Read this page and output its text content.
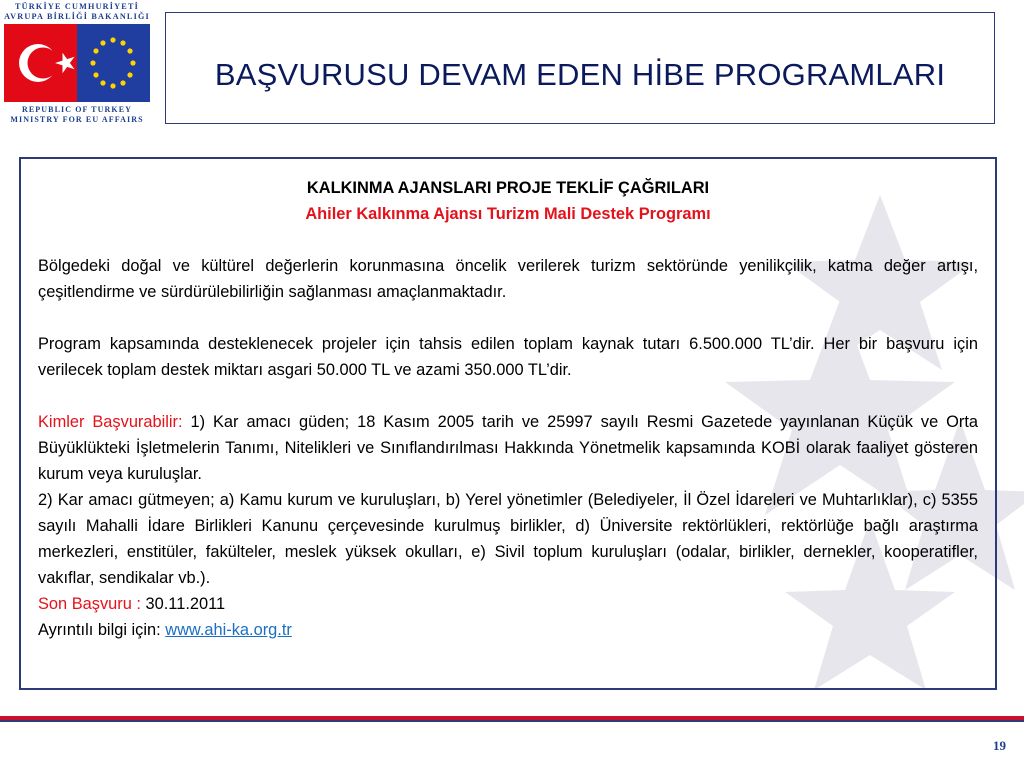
TÜRKİYE CUMHURİYETİ
AVRUPA BİRLİĞİ BAKANLIĞI
REPUBLIC OF TURKEY
MINISTRY FOR EU AFFAIRS
BAŞVURUSU DEVAM EDEN HİBE PROGRAMLARI
KALKINMA AJANSLARI PROJE TEKLİF ÇAĞRILARI
Ahiler Kalkınma Ajansı Turizm Mali Destek Programı
Bölgedeki doğal ve kültürel değerlerin korunmasına öncelik verilerek turizm sektöründe yenilikçilik, katma değer artışı, çeşitlendirme ve sürdürülebilirliğin sağlanması amaçlanmaktadır.
Program kapsamında desteklenecek projeler için tahsis edilen toplam kaynak tutarı 6.500.000 TL’dir. Her bir başvuru için verilecek toplam destek miktarı asgari 50.000 TL ve azami 350.000 TL’dir.
Kimler Başvurabilir: 1) Kar amacı güden; 18 Kasım 2005 tarih ve 25997 sayılı Resmi Gazetede yayınlanan Küçük ve Orta Büyüklükteki İşletmelerin Tanımı, Nitelikleri ve Sınıflandırılması Hakkında Yönetmelik kapsamında KOBİ olarak faaliyet gösteren kurum veya kuruluşlar.
2) Kar amacı gütmeyen; a) Kamu kurum ve kuruluşları, b) Yerel yönetimler (Belediyeler, İl Özel İdareleri ve Muhtarlıklar), c) 5355 sayılı Mahalli İdare Birlikleri Kanunu çerçevesinde kurulmuş birlikler, d) Üniversite rektörlükleri, rektörlüğe bağlı araştırma merkezleri, enstitüler, fakülteler, meslek yüksek okulları, e) Sivil toplum kuruluşları (odalar, birlikler, dernekler, kooperatifler, vakıflar, sendikalar vb.).
Son Başvuru : 30.11.2011
Ayrıntılı bilgi için: www.ahi-ka.org.tr
19
